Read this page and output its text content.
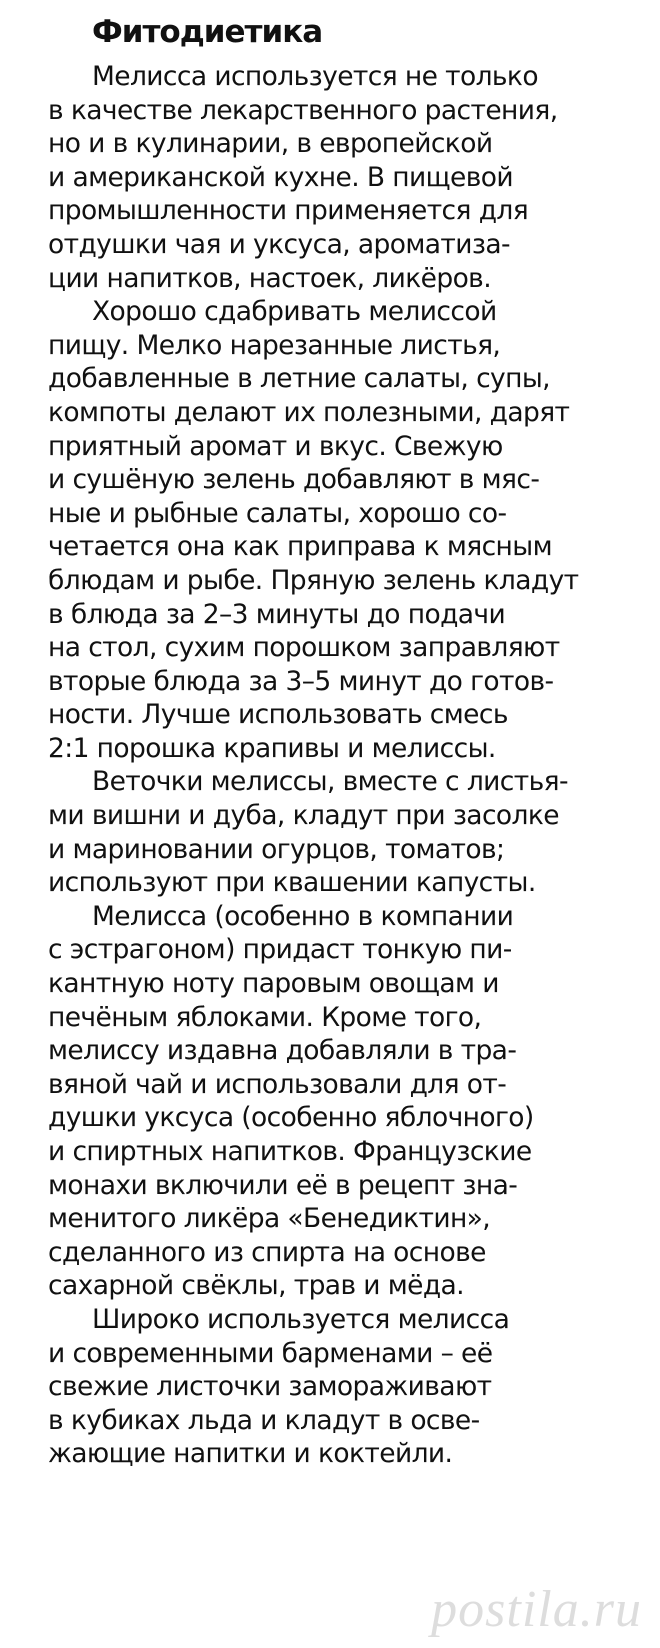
Фитодиетика
Мелисса используется не только
в качестве лекарственного растения,
но и в кулинарии, в европейской
и американской кухне. В пищевой
промышленности применяется для
отдушки чая и уксуса, ароматиза-
ции напитков, настоек, ликёров.
Хорошо сдабривать мелиссой
пищу. Мелко нарезанные листья,
добавленные в летние салаты, супы,
компоты делают их полезными, дарят
приятный аромат и вкус. Свежую
и сушёную зелень добавляют в мяс-
ные и рыбные салаты, хорошо со-
четается она как приправа к мясным
блюдам и рыбе. Пряную зелень кладут
в блюда за 2–3 минуты до подачи
на стол, сухим порошком заправляют
вторые блюда за 3–5 минут до готов-
ности. Лучше использовать смесь
2:1 порошка крапивы и мелиссы.
Веточки мелиссы, вместе с листья-
ми вишни и дуба, кладут при засолке
и мариновании огурцов, томатов;
используют при квашении капусты.
Мелисса (особенно в компании
с эстрагоном) придаст тонкую пи-
кантную ноту паровым овощам и
печёным яблоками. Кроме того,
мелиссу издавна добавляли в тра-
вяной чай и использовали для от-
душки уксуса (особенно яблочного)
и спиртных напитков. Французские
монахи включили её в рецепт зна-
менитого ликёра «Бенедиктин»,
сделанного из спирта на основе
сахарной свёклы, трав и мёда.
Широко используется мелисса
и современными барменами – её
свежие листочки замораживают
в кубиках льда и кладут в осве-
жающие напитки и коктейли.
postila.ru
